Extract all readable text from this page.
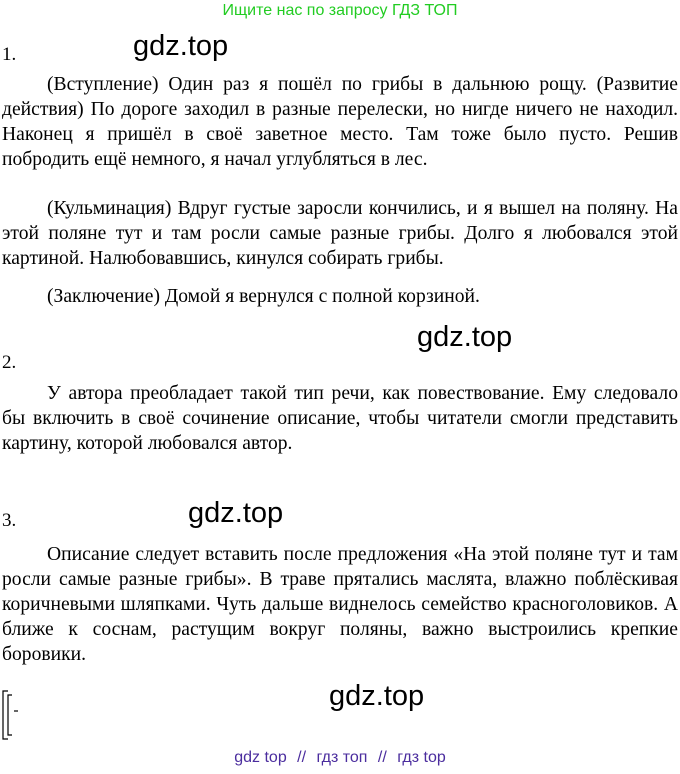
Ищите нас по запросу ГДЗ ТОП
1.	gdz.top

(Вступление) Один раз я пошёл по грибы в дальнюю рощу. (Развитие действия) По дороге заходил в разные перелески, но нигде ничего не находил. Наконец я пришёл в своё заветное место. Там тоже было пусто. Решив побродить ещё немного, я начал углубляться в лес.

(Кульминация) Вдруг густые заросли кончились, и я вышел на поляну. На этой поляне тут и там росли самые разные грибы. Долго я любовался этой картиной. Налюбовавшись, кинулся собирать грибы.

(Заключение) Домой я вернулся с полной корзиной.

gdz.top
2.

У автора преобладает такой тип речи, как повествование. Ему следовало бы включить в своё сочинение описание, чтобы читатели смогли представить картину, которой любовался автор.

gdz.top
3.

Описание следует вставить после предложения «На этой поляне тут и там росли самые разные грибы». В траве прятались маслята, влажно поблёскивая коричневыми шляпками. Чуть дальше виднелось семейство красноголовиков. А ближе к соснам, растущим вокруг поляны, важно выстроились крепкие боровики.

gdz.top
gdz top // гдз топ // гдз top
